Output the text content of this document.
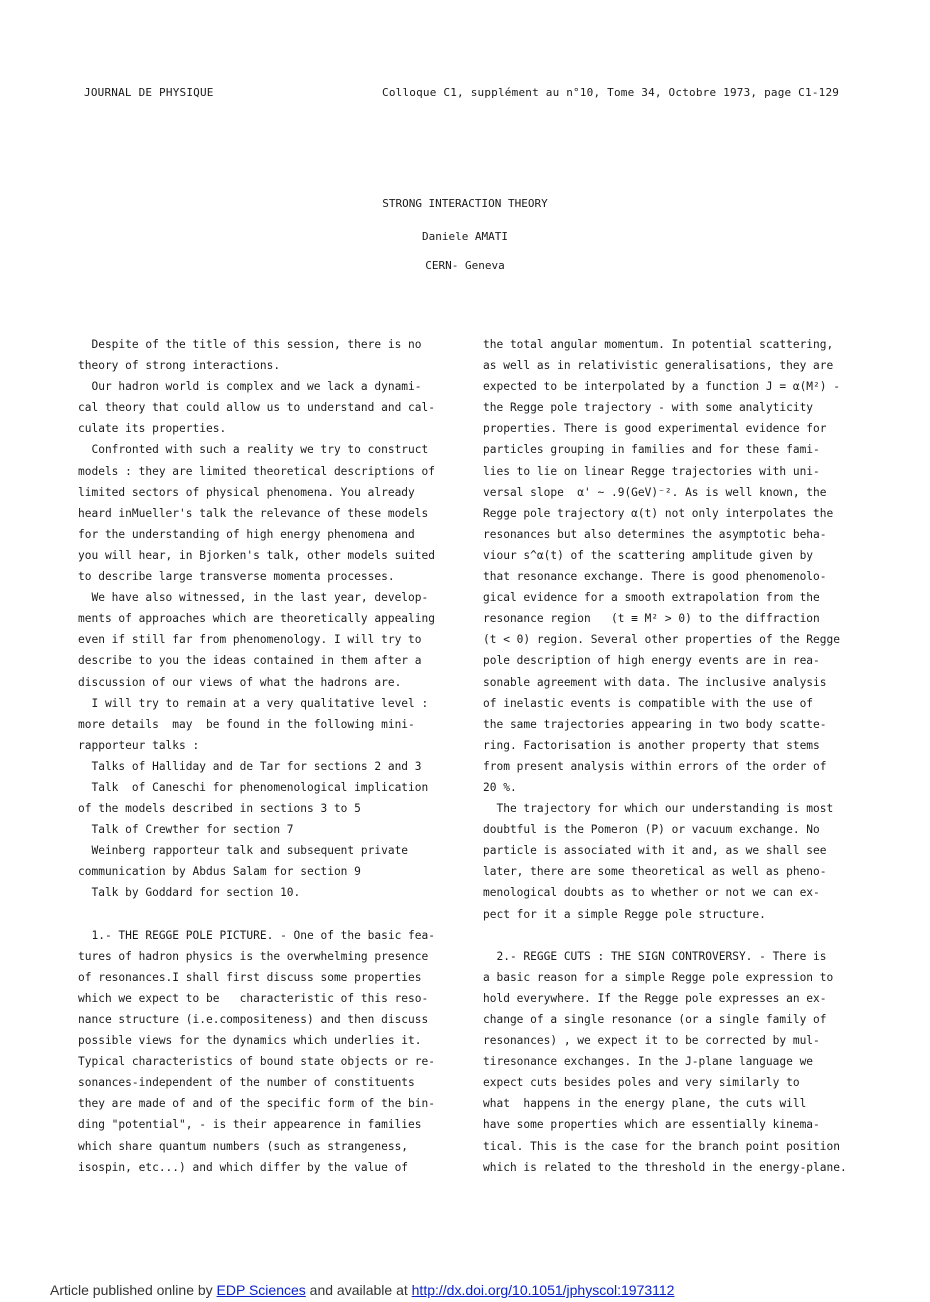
JOURNAL DE PHYSIQUE	Colloque C1, supplément au n°10, Tome 34, Octobre 1973, page C1-129
STRONG INTERACTION THEORY
Daniele AMATI
CERN- Geneva

Despite of the title of this session, there is no

theory of strong interactions.

Our hadron world is complex and we lack a dynami-

cal theory that could allow us to understand and cal-

culate its properties.

Confronted with such a reality we try to construct

models : they are limited theoretical descriptions of

limited sectors of physical phenomena. You already

heard inMueller's talk the relevance of these models

for the understanding of high energy phenomena and

you will hear, in Bjorken's talk, other models suited

to describe large transverse momenta processes.

We have also witnessed, in the last year, develop-

ments of approaches which are theoretically appealing

even if still far from phenomenology. I will try to

describe to you the ideas contained in them after a

discussion of our views of what the hadrons are.

I will try to remain at a very qualitative level :

more details  may  be found in the following mini-

rapporteur talks :

Talks of Halliday and de Tar for sections 2 and 3

Talk  of Caneschi for phenomenological implication

of the models described in sections 3 to 5

Talk of Crewther for section 7

Weinberg rapporteur talk and subsequent private

communication by Abdus Salam for section 9

Talk by Goddard for section 10.

1.- THE REGGE POLE PICTURE. - One of the basic fea-

tures of hadron physics is the overwhelming presence

of resonances.I shall first discuss some properties

which we expect to be   characteristic of this reso-

nance structure (i.e.compositeness) and then discuss

possible views for the dynamics which underlies it.

Typical characteristics of bound state objects or re-

sonances-independent of the number of constituents

they are made of and of the specific form of the bin-

ding "potential", - is their appearence in families

which share quantum numbers (such as strangeness,

isospin, etc...) and which differ by the value of

the total angular momentum. In potential scattering,

as well as in relativistic generalisations, they are

expected to be interpolated by a function J = α(M²) -

the Regge pole trajectory - with some analyticity

properties. There is good experimental evidence for

particles grouping in families and for these fami-

lies to lie on linear Regge trajectories with uni-

versal slope  α' ~ .9(GeV)⁻². As is well known, the

Regge pole trajectory α(t) not only interpolates the

resonances but also determines the asymptotic beha-

viour s^α(t) of the scattering amplitude given by

that resonance exchange. There is good phenomenolo-

gical evidence for a smooth extrapolation from the

resonance region   (t ≡ M² > 0) to the diffraction

(t < 0) region. Several other properties of the Regge

pole description of high energy events are in rea-

sonable agreement with data. The inclusive analysis

of inelastic events is compatible with the use of

the same trajectories appearing in two body scatte-

ring. Factorisation is another property that stems

from present analysis within errors of the order of

20 %.

The trajectory for which our understanding is most

doubtful is the Pomeron (P) or vacuum exchange. No

particle is associated with it and, as we shall see

later, there are some theoretical as well as pheno-

menological doubts as to whether or not we can ex-

pect for it a simple Regge pole structure.

2.- REGGE CUTS : THE SIGN CONTROVERSY. - There is

a basic reason for a simple Regge pole expression to

hold everywhere. If the Regge pole expresses an ex-

change of a single resonance (or a single family of

resonances) , we expect it to be corrected by mul-

tiresonance exchanges. In the J-plane language we

expect cuts besides poles and very similarly to

what  happens in the energy plane, the cuts will

have some properties which are essentially kinema-

tical. This is the case for the branch point position

which is related to the threshold in the energy-plane.

Article published online by EDP Sciences and available at http://dx.doi.org/10.1051/jphyscol:1973112
